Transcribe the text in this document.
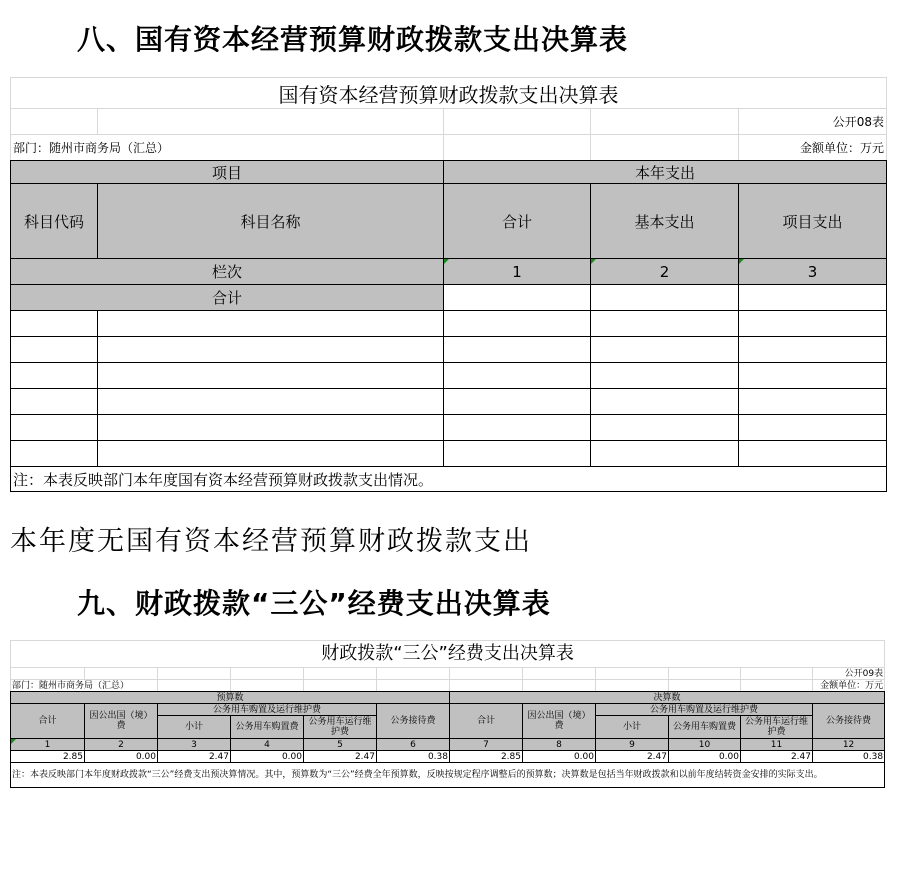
八、国有资本经营预算财政拨款支出决算表
国有资本经营预算财政拨款支出决算表				
				公开08表
部门：随州市商务局（汇总）				金额单位：万元
项目		本年支出		
科目代码	科目名称	合计	基本支出	项目支出
栏次		1	2	3
合计				

注：本表反映部门本年度国有资本经营预算财政拨款支出情况。				
本年度无国有资本经营预算财政拨款支出
九、财政拨款“三公”经费支出决算表
财政拨款“三公”经费支出决算表											
											公开09表
部门：随州市商务局（汇总）											金额单位：万元
预算数						决算数					
合计	因公出国（境）费	公务用车购置及运行维护费			公务接待费	合计	因公出国（境）费	公务用车购置及运行维护费			公务接待费
		小计	公务用车购置费	公务用车运行维护费				小计	公务用车购置费	公务用车运行维护费	
1	2	3	4	5	6	7	8	9	10	11	12
2.85	0.00	2.47	0.00	2.47	0.38	2.85	0.00	2.47	0.00	2.47	0.38
注：本表反映部门本年度财政拨款“三公”经费支出预决算情况。其中，预算数为“三公”经费全年预算数，反映按规定程序调整后的预算数；决算数是包括当年财政拨款和以前年度结转资金安排的实际支出。											
